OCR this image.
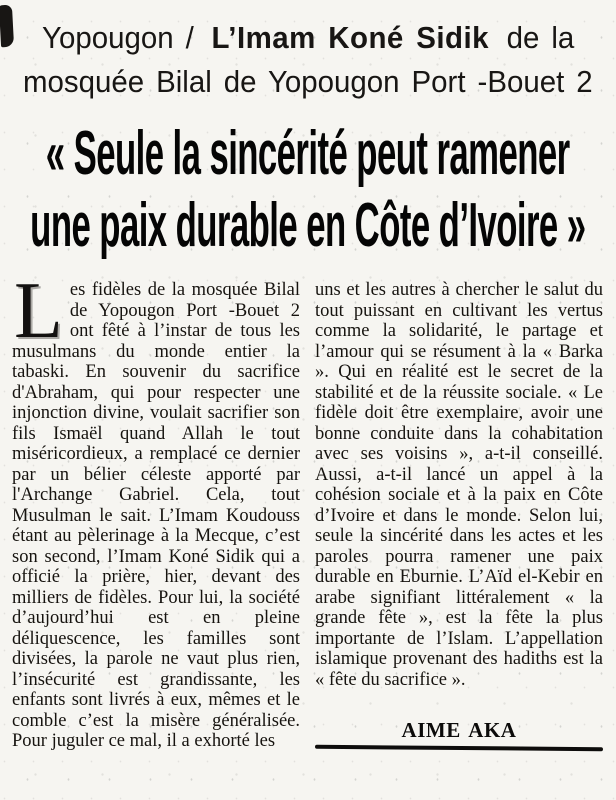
Yopougon / L’Imam Koné Sidik de la
mosquée Bilal de Yopougon Port -Bouet 2
« Seule la sincérité peut ramener
une paix durable en Côte d’Ivoire »
Les fidèles de la mosquée Bilal de Yopougon Port -Bouet 2 ont fêté à l’instar de tous les musulmans du monde entier la tabaski. En souvenir du sacrifice d'Abraham, qui pour respecter une injonction divine, voulait sacrifier son fils Ismaël quand Allah le tout miséricordieux, a remplacé ce dernier par un bélier céleste apporté par l'Archange Gabriel. Cela, tout Musulman le sait. L’Imam Koudouss étant au pèlerinage à la Mecque, c’est son second, l’Imam Koné Sidik qui a officié la prière, hier, devant des milliers de fidèles. Pour lui, la société d’aujourd’hui est en pleine déliquescence, les familles sont divisées, la parole ne vaut plus rien, l’insécurité est grandissante, les enfants sont livrés à eux, mêmes et le comble c’est la misère généralisée. Pour juguler ce mal, il a exhorté les
uns et les autres à chercher le salut du tout puissant en cultivant les vertus comme la solidarité, le partage et l’amour qui se résument à la « Barka ». Qui en réalité est le secret de la stabilité et de la réussite sociale. « Le fidèle doit être exemplaire, avoir une bonne conduite dans la cohabitation avec ses voisins », a-t-il conseillé. Aussi, a-t-il lancé un appel à la cohésion sociale et à la paix en Côte d’Ivoire et dans le monde. Selon lui, seule la sincérité dans les actes et les paroles pourra ramener une paix durable en Eburnie. L’Aïd el-Kebir en arabe signifiant littéralement « la grande fête », est la fête la plus importante de l’Islam. L’appellation islamique provenant des hadiths est la « fête du sacrifice ».
AIME AKA
